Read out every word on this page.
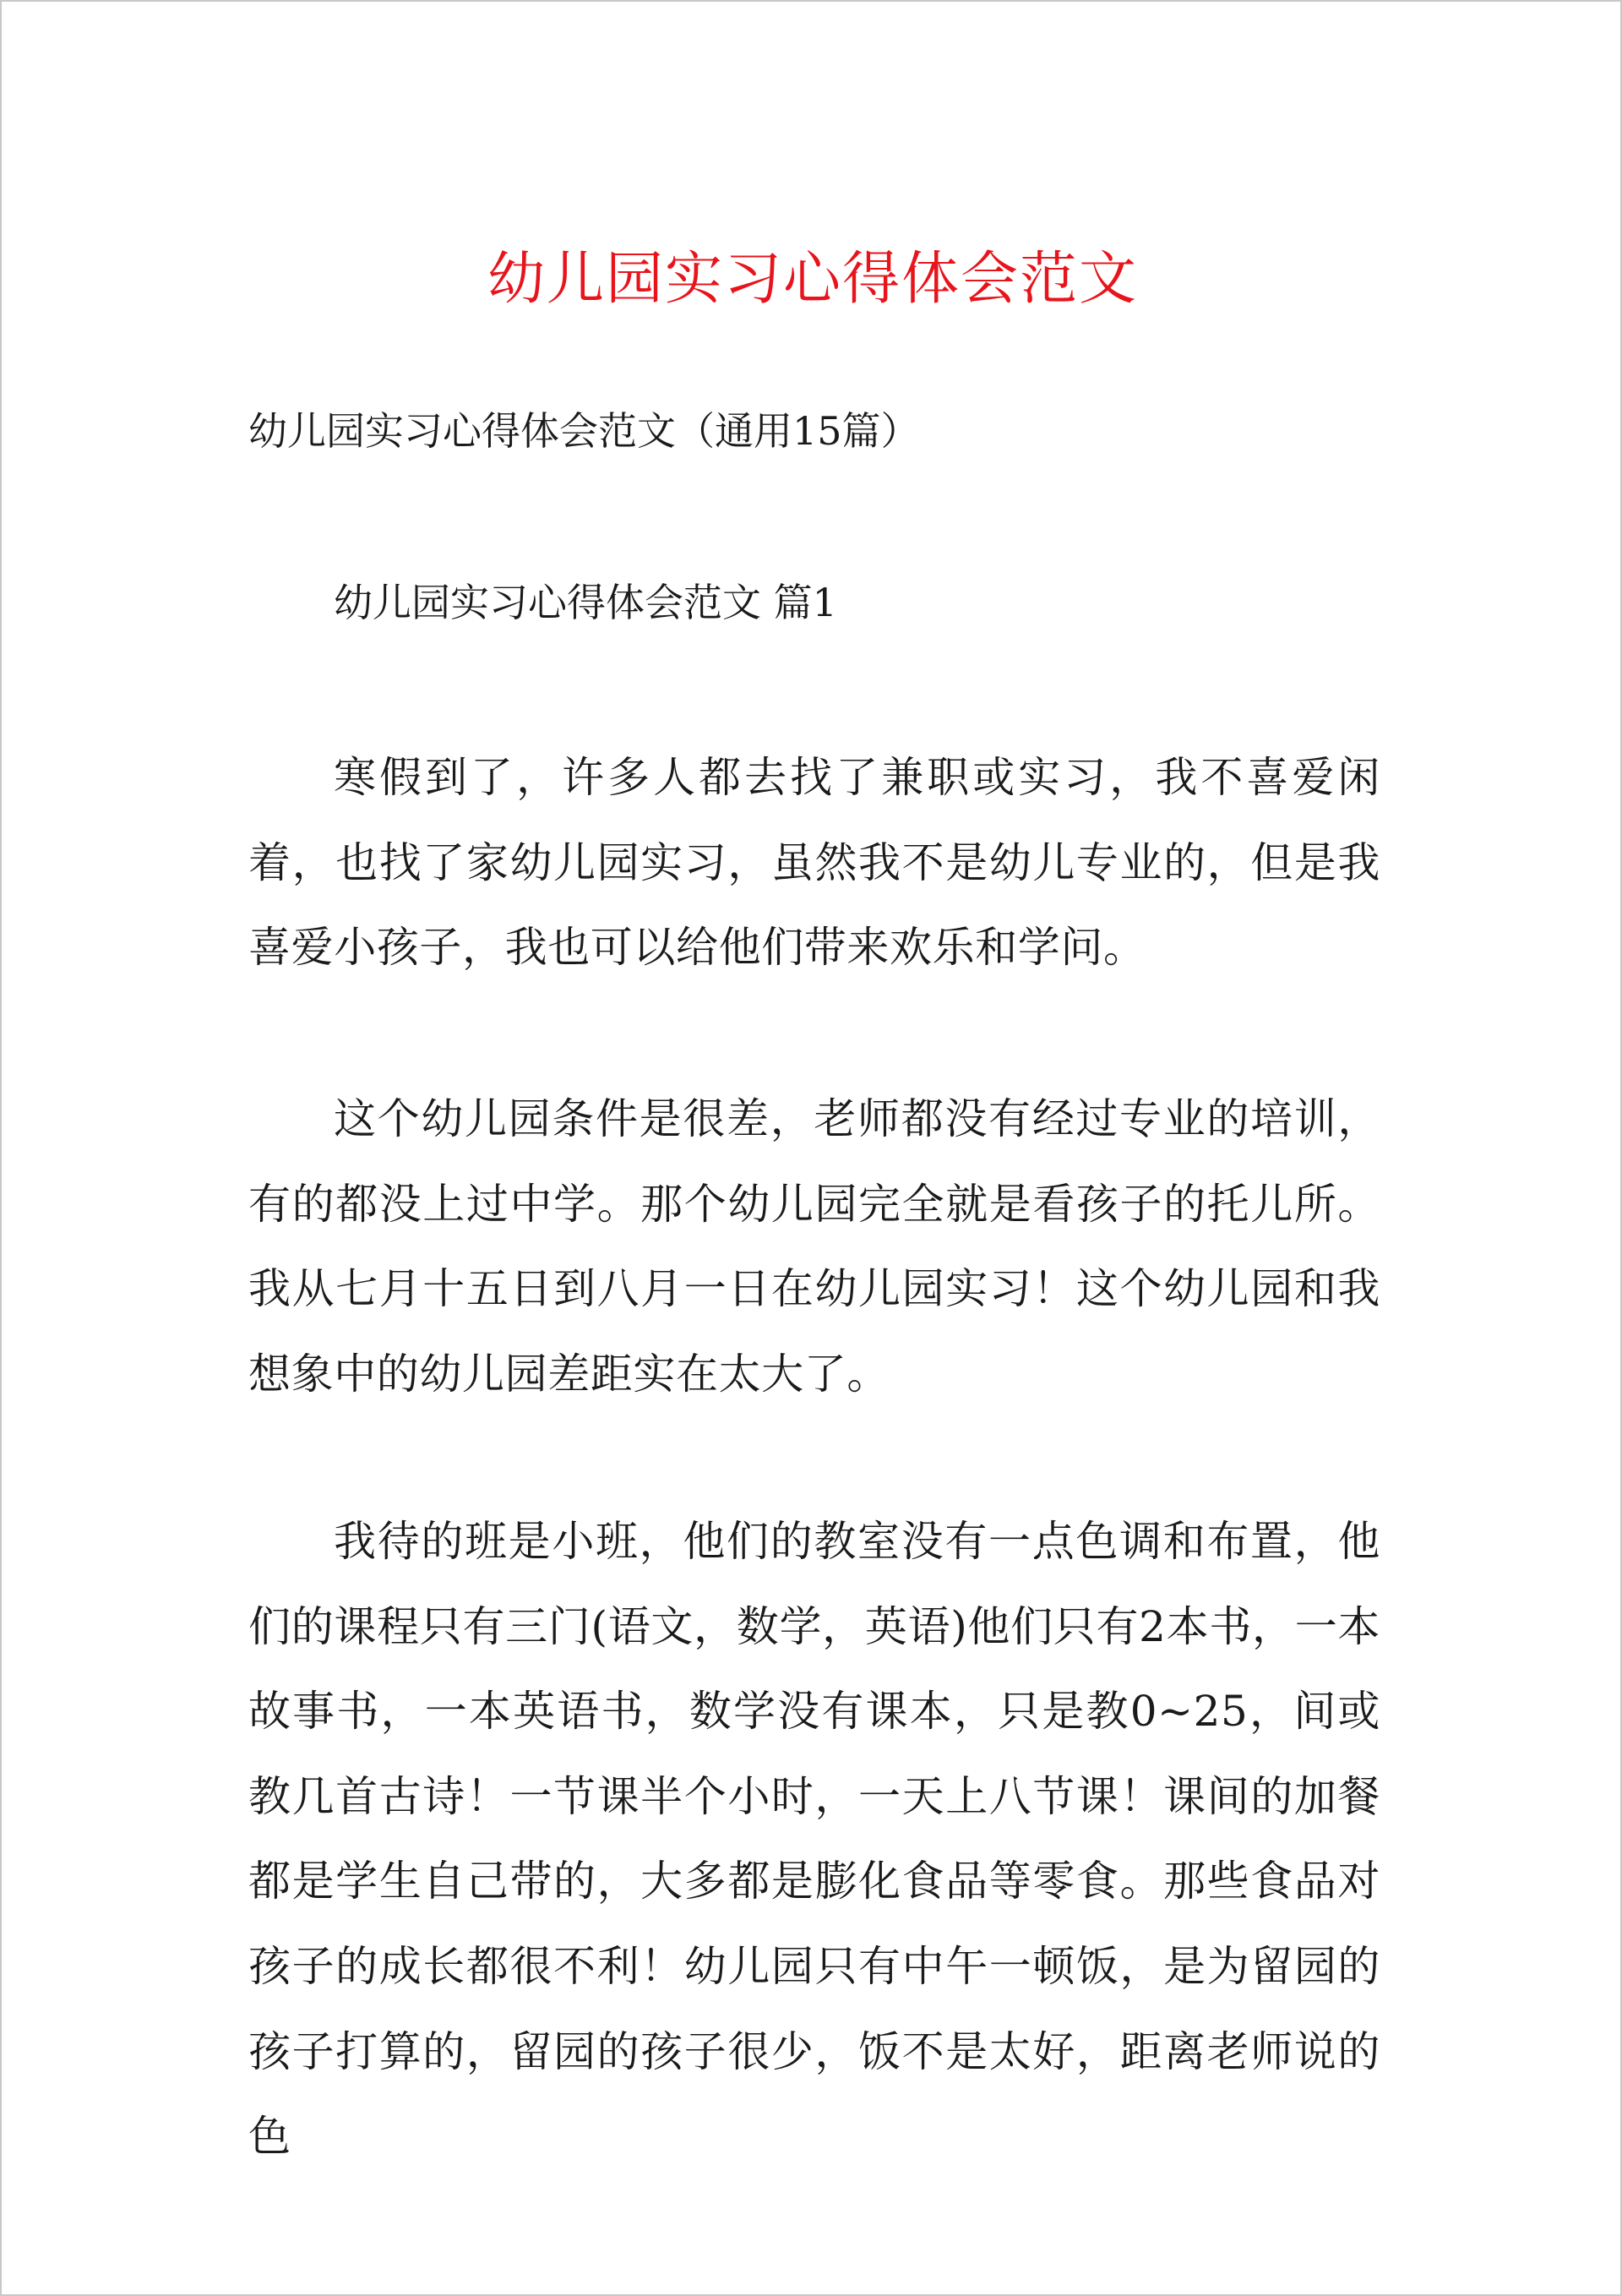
幼儿园实习心得体会范文
幼儿园实习心得体会范文（通用15篇）
幼儿园实习心得体会范文 篇1
寒假到了，许多人都去找了兼职或实习，我不喜爱闲着，也找了家幼儿园实习，虽然我不是幼儿专业的，但是我喜爱小孩子，我也可以给他们带来欢乐和学问。
这个幼儿园条件是很差，老师都没有经过专业的培训，有的都没上过中学。那个幼儿园完全就是看孩子的托儿所。我从七月十五日到八月一日在幼儿园实习！这个幼儿园和我想象中的幼儿园差距实在太大了。
我待的班是小班，他们的教室没有一点色调和布置，他们的课程只有三门(语文，数学，英语)他们只有2本书，一本故事书，一本英语书，数学没有课本，只是教0~25，间或教几首古诗！一节课半个小时，一天上八节课！课间的加餐都是学生自己带的，大多都是膨化食品等零食。那些食品对孩子的成长都很不利！幼儿园只有中午一顿饭，是为留园的孩子打算的，留园的孩子很少，饭不是太好，距离老师说的色
